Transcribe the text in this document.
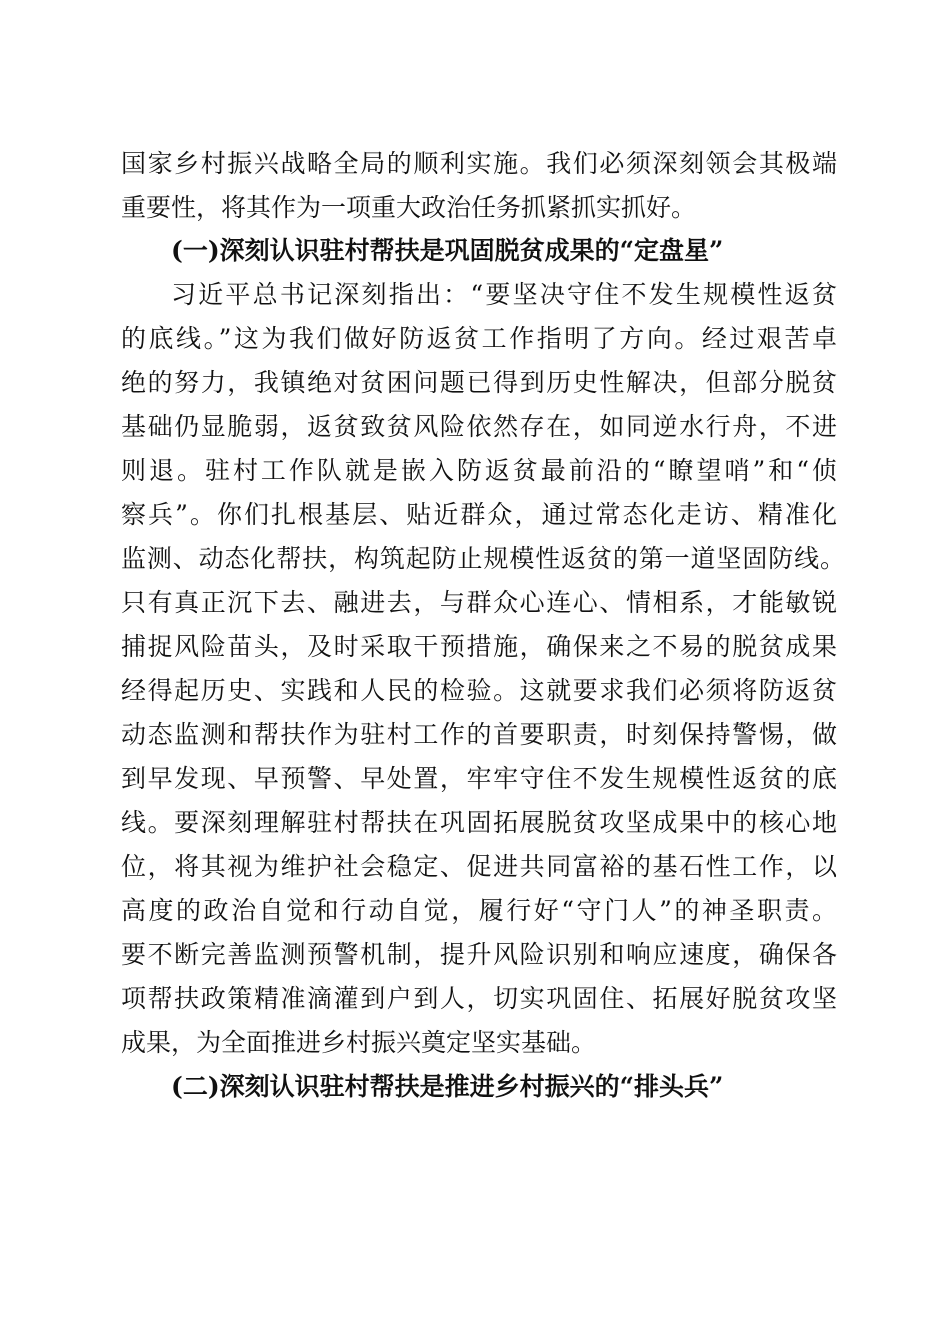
国家乡村振兴战略全局的顺利实施。我们必须深刻领会其极端
重要性，将其作为一项重大政治任务抓紧抓实抓好。
(一)深刻认识驻村帮扶是巩固脱贫成果的“定盘星”
习近平总书记深刻指出：“要坚决守住不发生规模性返贫
的底线。”这为我们做好防返贫工作指明了方向。经过艰苦卓
绝的努力，我镇绝对贫困问题已得到历史性解决，但部分脱贫
基础仍显脆弱，返贫致贫风险依然存在，如同逆水行舟，不进
则退。驻村工作队就是嵌入防返贫最前沿的“瞭望哨”和“侦
察兵”。你们扎根基层、贴近群众，通过常态化走访、精准化
监测、动态化帮扶，构筑起防止规模性返贫的第一道坚固防线。
只有真正沉下去、融进去，与群众心连心、情相系，才能敏锐
捕捉风险苗头，及时采取干预措施，确保来之不易的脱贫成果
经得起历史、实践和人民的检验。这就要求我们必须将防返贫
动态监测和帮扶作为驻村工作的首要职责，时刻保持警惕，做
到早发现、早预警、早处置，牢牢守住不发生规模性返贫的底
线。要深刻理解驻村帮扶在巩固拓展脱贫攻坚成果中的核心地
位，将其视为维护社会稳定、促进共同富裕的基石性工作，以
高度的政治自觉和行动自觉，履行好“守门人”的神圣职责。
要不断完善监测预警机制，提升风险识别和响应速度，确保各
项帮扶政策精准滴灌到户到人，切实巩固住、拓展好脱贫攻坚
成果，为全面推进乡村振兴奠定坚实基础。
(二)深刻认识驻村帮扶是推进乡村振兴的“排头兵”
